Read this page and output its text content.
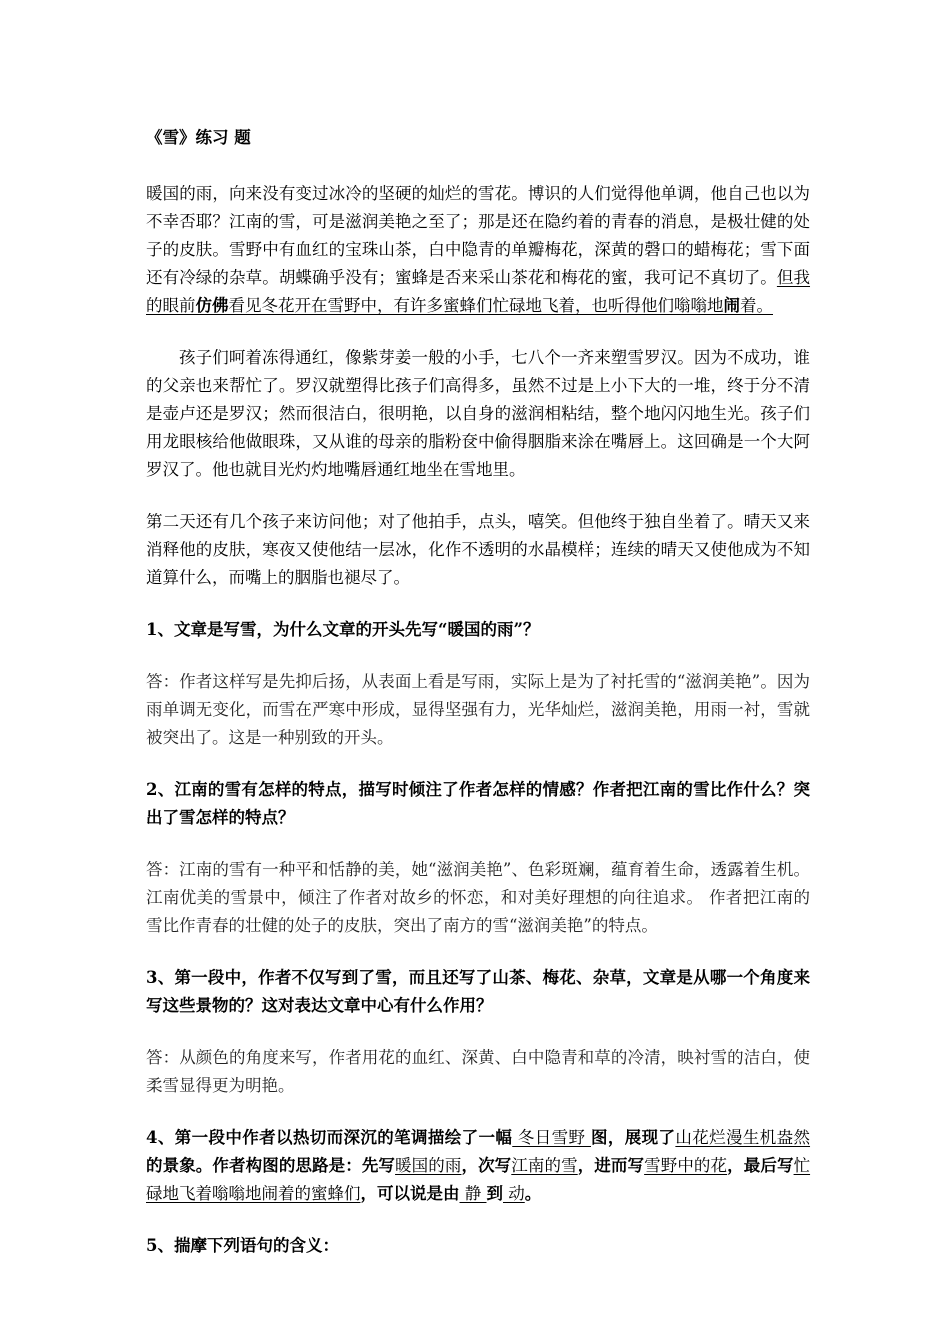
《雪》练习 题

暖国的雨，向来没有变过冰冷的坚硬的灿烂的雪花。博识的人们觉得他单调，他自己也以为不幸否耶？江南的雪，可是滋润美艳之至了；那是还在隐约着的青春的消息，是极壮健的处子的皮肤。雪野中有血红的宝珠山茶，白中隐青的单瓣梅花，深黄的磬口的蜡梅花；雪下面还有冷绿的杂草。胡蝶确乎没有；蜜蜂是否来采山茶花和梅花的蜜，我可记不真切了。但我的眼前仿佛看见冬花开在雪野中，有许多蜜蜂们忙碌地飞着，也听得他们嗡嗡地闹着。

孩子们呵着冻得通红，像紫芽姜一般的小手，七八个一齐来塑雪罗汉。因为不成功，谁的父亲也来帮忙了。罗汉就塑得比孩子们高得多，虽然不过是上小下大的一堆，终于分不清是壶卢还是罗汉；然而很洁白，很明艳，以自身的滋润相粘结，整个地闪闪地生光。孩子们用龙眼核给他做眼珠，又从谁的母亲的脂粉奁中偷得胭脂来涂在嘴唇上。这回确是一个大阿罗汉了。他也就目光灼灼地嘴唇通红地坐在雪地里。

第二天还有几个孩子来访问他；对了他拍手，点头，嘻笑。但他终于独自坐着了。晴天又来消释他的皮肤，寒夜又使他结一层冰，化作不透明的水晶模样；连续的晴天又使他成为不知道算什么，而嘴上的胭脂也褪尽了。

1、文章是写雪，为什么文章的开头先写“暖国的雨”？

答：作者这样写是先抑后扬，从表面上看是写雨，实际上是为了衬托雪的“滋润美艳”。因为雨单调无变化，而雪在严寒中形成，显得坚强有力，光华灿烂，滋润美艳，用雨一衬，雪就被突出了。这是一种别致的开头。

2、江南的雪有怎样的特点，描写时倾注了作者怎样的情感？作者把江南的雪比作什么？突出了雪怎样的特点？

答：江南的雪有一种平和恬静的美，她“滋润美艳”、色彩斑斓，蕴育着生命，透露着生机。 江南优美的雪景中，倾注了作者对故乡的怀恋，和对美好理想的向往追求。 作者把江南的雪比作青春的壮健的处子的皮肤，突出了南方的雪“滋润美艳”的特点。

3、第一段中，作者不仅写到了雪，而且还写了山茶、梅花、杂草，文章是从哪一个角度来写这些景物的？这对表达文章中心有什么作用？

答：从颜色的角度来写，作者用花的血红、深黄、白中隐青和草的冷清，映衬雪的洁白，使柔雪显得更为明艳。

4、第一段中作者以热切而深沉的笔调描绘了一幅 冬日雪野 图，展现了山花烂漫生机盎然的景象。作者构图的思路是：先写暖国的雨，次写江南的雪，进而写雪野中的花，最后写忙碌地飞着嗡嗡地闹着的蜜蜂们，可以说是由 静 到 动。

5、揣摩下列语句的含义：
